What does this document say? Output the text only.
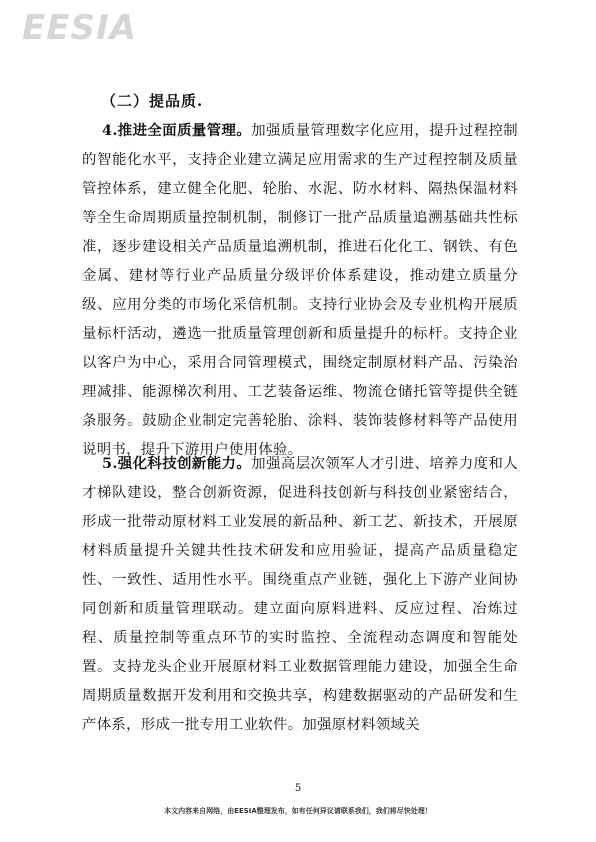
EESIA
（二）提品质.
4.推进全面质量管理。加强质量管理数字化应用，提升过程控制的智能化水平，支持企业建立满足应用需求的生产过程控制及质量管控体系，建立健全化肥、轮胎、水泥、防水材料、隔热保温材料等全生命周期质量控制机制，制修订一批产品质量追溯基础共性标准，逐步建设相关产品质量追溯机制，推进石化化工、钢铁、有色金属、建材等行业产品质量分级评价体系建设，推动建立质量分级、应用分类的市场化采信机制。支持行业协会及专业机构开展质量标杆活动，遴选一批质量管理创新和质量提升的标杆。支持企业以客户为中心，采用合同管理模式，围绕定制原材料产品、污染治理减排、能源梯次利用、工艺装备运维、物流仓储托管等提供全链条服务。鼓励企业制定完善轮胎、涂料、装饰装修材料等产品使用说明书，提升下游用户使用体验。
5.强化科技创新能力。加强高层次领军人才引进、培养力度和人才梯队建设，整合创新资源，促进科技创新与科技创业紧密结合，形成一批带动原材料工业发展的新品种、新工艺、新技术，开展原材料质量提升关键共性技术研发和应用验证，提高产品质量稳定性、一致性、适用性水平。围绕重点产业链，强化上下游产业间协同创新和质量管理联动。建立面向原料进料、反应过程、冶炼过程、质量控制等重点环节的实时监控、全流程动态调度和智能处置。支持龙头企业开展原材料工业数据管理能力建设，加强全生命周期质量数据开发利用和交换共享，构建数据驱动的产品研发和生产体系，形成一批专用工业软件。加强原材料领域关
5
本文内容来自网络，由EESIA整理发布，如有任何异议请联系我们，我们将尽快处理！
